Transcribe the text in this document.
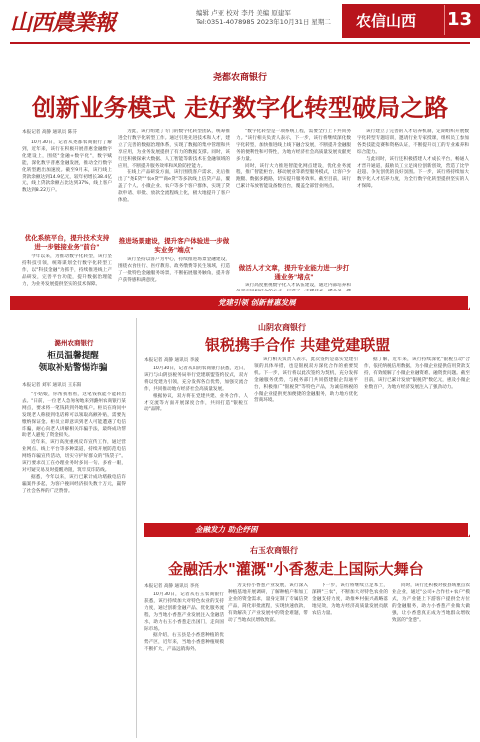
山西農業報	编辑 卢亚 校对 李丹 美编 原建军
Tel:0351-4078985 2023年10月31日 星期二 农信山西 13
尧都农商银行
创新业务模式 走好数字化转型破局之路
本报记者 高静 通讯员 陈芬
10月30日，记者从尧都农商银行了解到，近年来，该行在积极开展普惠金融数字化建设上，围绕"金融+数字化"，数字赋能，深化数字普惠金融发展，推动全行数字化转型跑出加速度。截至9月末，该行线上贷款余额达到14.9亿元，较年初增长38.4亿元，线上贷款余额占比达到37%，线上客户数达到8.22万户。
优化系统平台，提升技术支持进一步链接业务"前台"
今年以来，为推动数字化转型，该行坚持科技引领，统筹谋划全行数字化转型工作，以"科技金融"为抓手，持续推进线上产品研发，完善平台功能，提升数据治理能力，为业务发展提供坚实的技术保障。
为此，该行组建了专门的数字化转型团队，统筹推进全行数字化转型工作。通过引进先进技术和人才，建立了完善的数据治理体系，实现了数据的集中管理和共享应用，为业务发展提供了有力的数据支撑。同时，该行还积极探索大数据、人工智能等新技术在金融领域的应用，不断提升服务效率和风险防控能力。
在线上产品研发方面，该行围绕客户需求，先后推出了"尧E贷""农e贷""商e贷"等多款线上信贷产品，覆盖了个人、小微企业、农户等多个客户群体，实现了贷款申请、审批、放款全流程线上化，极大地提升了客户体验。
推进场景建设，提升客户体验进一步做实业务"端点"
该行坚持以客户为中心，持续推进场景金融建设，围绕衣食住行、医疗教育、政务缴费等民生领域，打造了一批特色金融服务场景，不断拓展服务触角，提升客户获得感和满意度。
"数字化转型是一项系统工程，需要全行上下共同努力。"该行相关负责人表示，下一步，该行将继续深化数字化转型，加快推进线上线下融合发展，不断提升金融服务的便利性和可得性，为地方经济社会高质量发展贡献更多力量。
同时，该行大力推进智能化网点建设，优化业务流程，推广智能柜台、移动展业等新型服务模式，让客户少跑腿、数据多跑路，切实提升服务效率。截至目前，该行已累计布放智能设备数百台，覆盖全部营业网点。
做活人才文章，提升专业能力进一步打通业务"堵点"
该行高度重视数字化人才队伍建设，通过内部培养和
该行建立了完善的人才培养机制，定期组织开展数字化转型专题培训，邀请行业专家授课，组织员工参加各类技能竞赛和资格认证，不断提升员工的专业素养和综合能力。
与此同时，该行还积极搭建人才成长平台，畅通人才晋升通道，鼓励员工立足岗位创新创效，营造了比学赶超、争先创优的良好氛围。下一步，该行将持续加大数字化人才培养力度，为全行数字化转型提供坚实的人才保障。
党建引领 创新普惠发展
潞州农商银行
柜员温馨提醒
领取补贴警惕诈骗
本报记者 刘军 通讯员 王东阳
"小姑娘，你帮我看看，这笔钱我能不能转出去。"日前，一位老人急匆匆地来到潞州农商银行某网点，要求将一笔钱转到外地账户。柜员在询问中发现老人称接到电话称可以领取高额补贴，需要先缴纳保证金。柜员立即意识到老人可能遭遇了电信诈骗，耐心向老人讲解相关诈骗手法，最终成功帮助老人避免了资金损失。
近年来，该行高度重视反诈宣传工作，通过营业网点、线上平台等多种渠道，持续开展防范电信网络诈骗宣传活动，切实守护好群众的"钱袋子"。该行要求员工在办理业务时多问一句、多看一眼，对可疑交易及时提醒劝阻，筑牢反诈防线。
据悉，今年以来，该行已累计成功堵截电信诈骗案件多起，为客户挽回经济损失数十万元，赢得了社会各界的广泛赞誉。
山阴农商银行
银税携手合作 共建党建联盟
本报记者 高静 通讯员 李波
10月30日，记者从山阴农商银行获悉，近日，该行与山阴县税务局举行党建联盟签约仪式，双方将以党建为引领，充分发挥各自优势，加强交流合作，共同推动地方经济社会高质量发展。
根据协议，双方将在党建共建、业务合作、人才交流等方面开展深度合作，共同打造"银税互动"品牌。
该行相关负责人表示，此次签约是落实党建引领的具体举措，也是银税双方深化合作的重要契机。下一步，该行将以此次签约为契机，充分发挥金融服务优势，与税务部门共同搭建银企沟通平台，积极推广"银税贷"等特色产品，为诚信纳税的小微企业提供更加便捷的金融服务，助力地方优化营商环境。
据了解，近年来，该行持续深化"银税互动"合作，依托纳税信用数据，为小微企业提供信用贷款支持，有效缓解了小微企业融资难、融资贵问题。截至目前，该行已累计发放"银税贷"数亿元，惠及小微企业数百户，为地方经济发展注入了强劲动力。
金融发力 助企纾困
右玉农商银行
金融活水"灌溉"小香葱走上国际大舞台
本报记者 高静 通讯员 李亮
10月30日，记者从右玉农商银行获悉，该行持续加大对特色农业的支持力度，通过创新金融产品、优化服务流程，为当地小香葱产业发展注入金融活水，助力右玉小香葱走出国门，走向国际市场。
据介绍，右玉县是小香葱种植的优势产区，近年来，当地小香葱种植规模不断扩大，产品远销海外。
为支持小香葱产业发展，该行深入种植基地开展调研，了解种植户和加工企业的资金需求，量身定制了专属信贷产品，简化审批流程，实现快速放款，有效解决了产业发展中的资金难题，带动了当地农民增收致富。
下一步，该行将继续立足本土，深耕"三农"，不断加大对特色农业的金融支持力度，助推乡村振兴战略落地见效，为地方经济高质量发展贡献农信力量。
同时，该行还积极对接县域重点农业企业，通过"公司+合作社+农户"模式，为产业链上下游客户提供全方位的金融服务，助力小香葱产业做大做强，让小香葱真正成为当地群众增收致富的"金葱"。
